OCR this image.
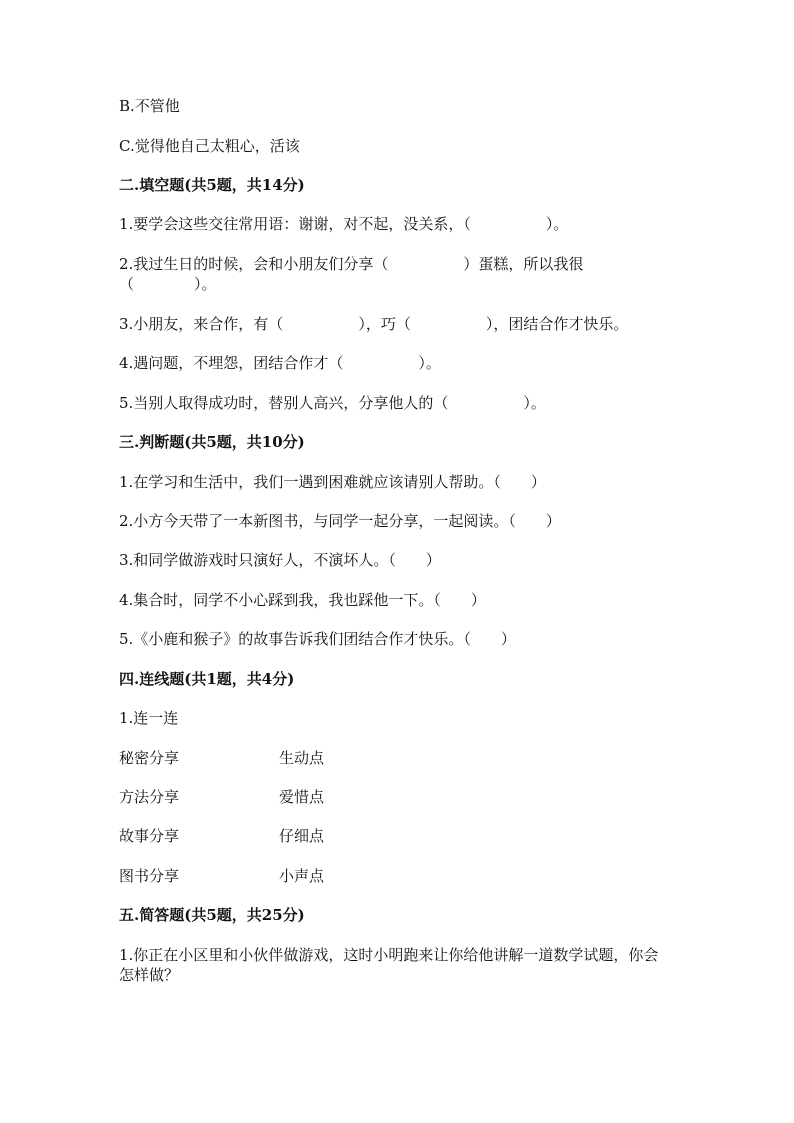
B.不管他
C.觉得他自己太粗心，活该
二.填空题(共5题，共14分)
1.要学会这些交往常用语：谢谢，对不起，没关系，（　　　　　）。
2.我过生日的时候，会和小朋友们分享（　　　　　）蛋糕，所以我很（　　　　）。
3.小朋友，来合作，有（　　　　　），巧（　　　　　），团结合作才快乐。
4.遇问题，不埋怨，团结合作才（　　　　　）。
5.当别人取得成功时，替别人高兴，分享他人的（　　　　　）。
三.判断题(共5题，共10分)
1.在学习和生活中，我们一遇到困难就应该请别人帮助。（　　）
2.小方今天带了一本新图书，与同学一起分享，一起阅读。（　　）
3.和同学做游戏时只演好人，不演坏人。（　　）
4.集合时，同学不小心踩到我，我也踩他一下。（　　）
5.《小鹿和猴子》的故事告诉我们团结合作才快乐。（　　）
四.连线题(共1题，共4分)
1.连一连
秘密分享	生动点
方法分享	爱惜点
故事分享	仔细点
图书分享	小声点
五.简答题(共5题，共25分)
1.你正在小区里和小伙伴做游戏，这时小明跑来让你给他讲解一道数学试题，你会怎样做？
